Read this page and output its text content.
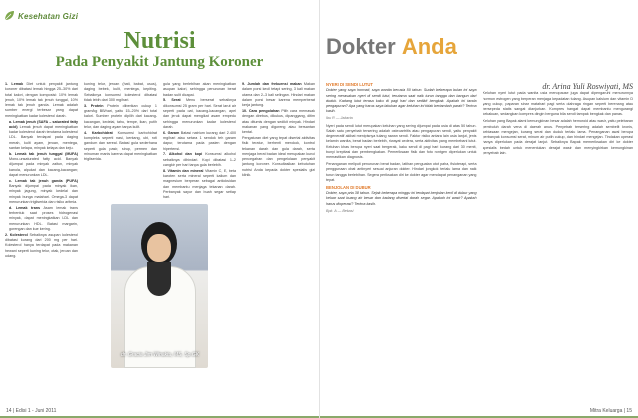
Kesehatan Gizi
Nutrisi
Pada Penyakit Jantung Koroner

1. Lemak Diet untuk penyakit jantung koroner dibatasi lemak hingga 25–30% dari total kalori, dengan komposisi: 10% lemak jenuh, 10% lemak tak jenuh tunggal, 10% lemak tak jenuh ganda. Lemak adalah sumber energi terbesar yang dapat meningkatkan kadar kolesterol darah.

a. Lemak jenuh (SAFA – saturated fatty acid) Lemak jenuh dapat meningkatkan kadar kolesterol darah terutama kolesterol LDL. Banyak terdapat pada daging merah, kulit ayam, jeroan, mentega, santan kelapa, minyak kelapa dan keju.

b. Lemak tak jenuh tunggal (MUFA) Mono-unsaturated fatty acid. Banyak dijumpai pada minyak zaitun, minyak kanola, alpukat dan kacang-kacangan; dapat menurunkan LDL.

c. Lemak tak jenuh ganda (PUFA) Banyak dijumpai pada minyak ikan, minyak jagung, minyak kedelai dan minyak bunga matahari. Omega-3 dapat menurunkan trigliserida dan risiko aritmia.

d. Lemak trans Asam lemak trans terbentuk saat proses hidrogenasi minyak, dapat meningkatkan LDL dan menurunkan HDL. Batasi margarin, gorengan dan kue kering.

2. Kolesterol Sebaiknya asupan kolesterol dibatasi kurang dari 200 mg per hari. Kolesterol hanya terdapat pada makanan hewani seperti kuning telur, otak, jeroan dan udang.

kuning telur, jeroan (hati, babat, usus), daging bebek, kulit, mentega, kepiting. Sebaiknya konsumsi kolesterol dibatasi tidak lebih dari 300 mg/hari.

3. Protein Protein diberikan cukup 1 gram/kg BB/hari, yaitu 15–20% dari total kalori. Sumber protein dipilih dari kacang-kacangan, kedelai, tahu, tempe, ikan, putih telur, dan daging ayam tanpa kulit.

4. Karbohidrat Konsumsi karbohidrat kompleks seperti nasi, kentang, ubi, roti gandum dan sereal. Batasi gula sederhana seperti gula pasir, sirup, permen dan minuman manis karena dapat meningkatkan trigliserida.

gula yang berlebihan akan meningkatkan asupan kalori, sehingga penurunan berat badan sulit dicapai.

5. Serat Menu berserat sebaiknya dikonsumsi 25 gram per hari. Serat larut air seperti pada oat, kacang-kacangan, apel dan jeruk dapat mengikat asam empedu sehingga menurunkan kadar kolesterol darah.

6. Garam Batasi natrium kurang dari 2.400 mg/hari atau setara 1 sendok teh garam dapur, terutama pada pasien dengan hipertensi.

7. Alkohol dan kopi Konsumsi alkohol sebaiknya dihindari. Kopi dibatasi 1–2 cangkir per hari tanpa gula berlebih.

8. Vitamin dan mineral Vitamin C, E, beta karoten serta mineral seperti kalium dan magnesium berperan sebagai antioksidan dan membantu menjaga tekanan darah. Perbanyak sayur dan buah segar setiap hari.

9. Jumlah dan frekuensi makan Makan dalam porsi kecil tetapi sering, 3 kali makan utama dan 2–3 kali selingan. Hindari makan dalam porsi besar karena memperberat kerja jantung.

10. Cara pengolahan Pilih cara memasak dengan direbus, dikukus, dipanggang, ditim atau ditumis dengan sedikit minyak. Hindari makanan yang digoreng atau bersantan kental.

Pengaturan diet yang tepat disertai aktivitas fisik teratur, berhenti merokok, kontrol tekanan darah dan gula darah, serta menjaga berat badan ideal merupakan kunci pencegahan dan pengelolaan penyakit jantung koroner. Konsultasikan kebutuhan nutrisi Anda kepada dokter spesialis gizi klinik.

dr. Gracia Jim Winaktu, MS, Sp.GK
14 | Edisi 1 - Juni 2011
Dokter Anda
NYERI DI SENDI LUTUT

Dokter yang saya hormati, saya wanita berusia 50 tahun. Sudah beberapa bulan ini saya sering merasakan nyeri di sendi lutut, terutama saat naik turun tangga dan bangun dari duduk. Kadang lutut terasa kaku di pagi hari dan sedikit bengkak. Apakah ini tanda pengapuran? Apa yang harus saya lakukan agar keluhan ini tidak bertambah parah? Terima kasih.

Ibu R — Jakarta

Nyeri pada sendi lutut merupakan keluhan yang sering dijumpai pada usia di atas 50 tahun. Salah satu penyebab tersering adalah osteoartritis atau pengapuran sendi, yaitu penyakit degeneratif akibat menipisnya tulang rawan sendi. Faktor risiko antara lain usia lanjut, jenis kelamin wanita, berat badan berlebih, riwayat cedera, serta aktivitas yang membebani lutut. Keluhan khas berupa nyeri saat bergerak, kaku sendi di pagi hari kurang dari 30 menit, bunyi krepitasi dan pembengkakan. Pemeriksaan fisik dan foto rontgen diperlukan untuk memastikan diagnosis.

Penanganan meliputi penurunan berat badan, latihan penguatan otot paha, fisioterapi, serta penggunaan obat antinyeri sesuai anjuran dokter. Hindari jongkok terlalu lama dan naik turun tangga berlebihan. Segera periksakan diri ke dokter agar mendapat penanganan yang tepat.

BENJOLAN DI DUBUR

Dokter, saya pria 38 tahun. Sejak beberapa minggu ini terdapat benjolan kecil di dubur yang keluar saat buang air besar dan kadang disertai darah segar. Apakah ini wasir? Apakah harus dioperasi? Terima kasih.

Bpk. A — Bekasi
dr. Arina Yuli Roswiyati, MS

Keluhan nyeri lutut pada wanita usia menopause juga dapat dipengaruhi menurunnya hormon estrogen yang berperan menjaga kepadatan tulang. Asupan kalsium dan vitamin D yang cukup, paparan sinar matahari pagi serta olahraga ringan seperti berenang atau bersepeda statis sangat dianjurkan. Kompres hangat dapat membantu mengurangi kekakuan, sedangkan kompres dingin berguna bila sendi tampak bengkak dan panas.

Keluhan yang Bapak alami kemungkinan besar adalah hemoroid atau wasir, yaitu pelebaran pembuluh darah vena di daerah anus. Penyebab tersering adalah sembelit kronis, kebiasaan mengejan, kurang serat dan duduk terlalu lama. Penanganan awal berupa perbanyak konsumsi serat, minum air putih cukup, dan hindari mengejan. Tindakan operasi hanya diperlukan pada derajat lanjut. Sebaiknya Bapak memeriksakan diri ke dokter spesialis bedah untuk menentukan derajat wasir dan menyingkirkan kemungkinan penyebab lain.

Mitra Keluarga | 15
